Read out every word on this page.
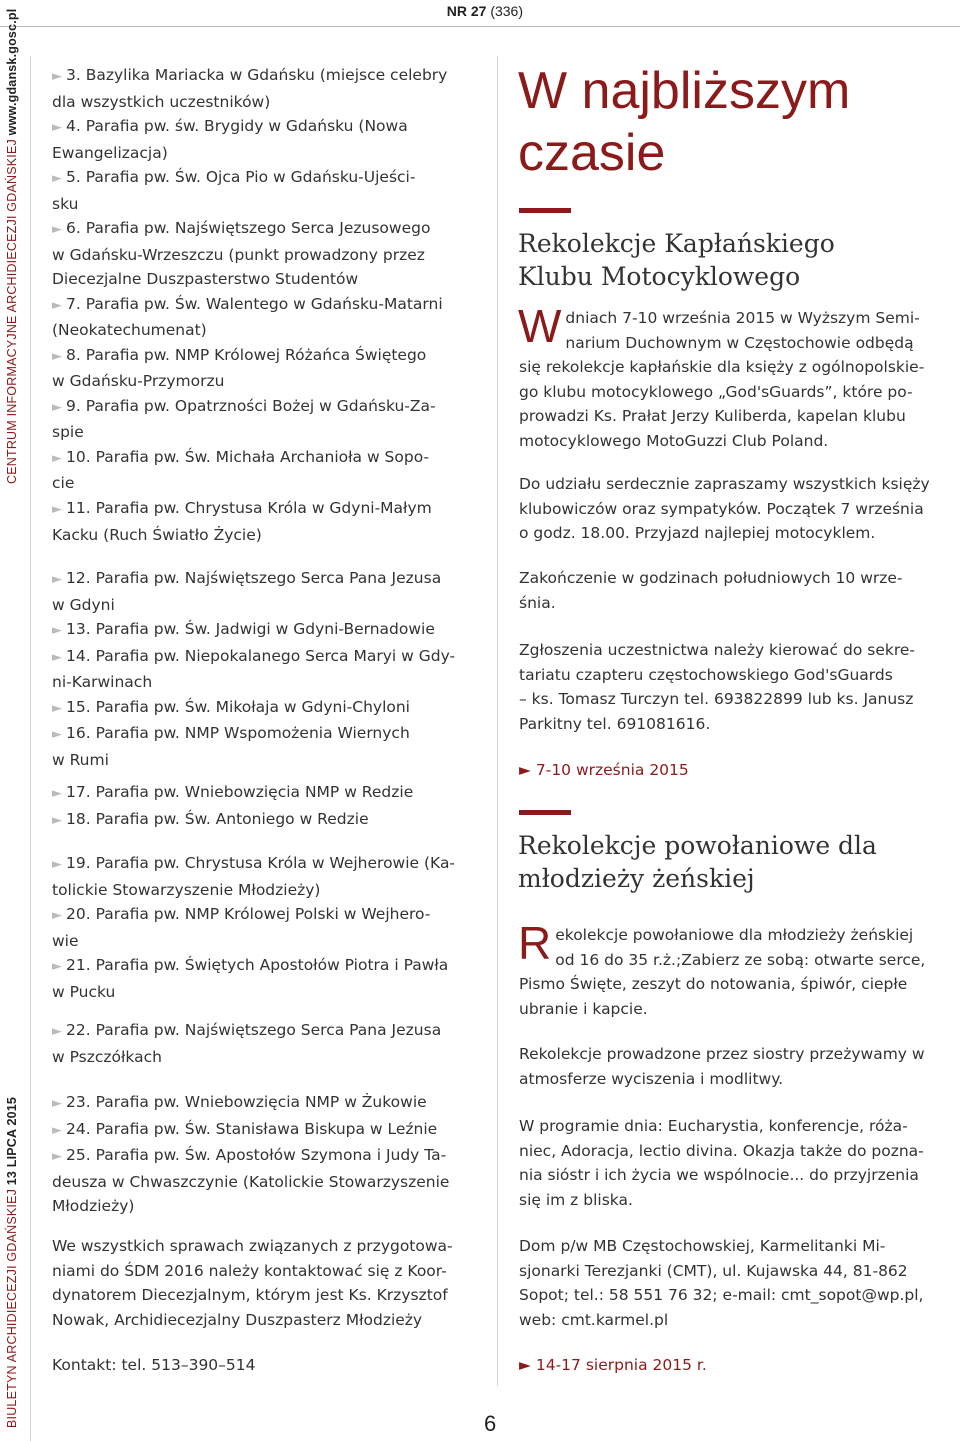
NR 27 (336)
BIULETYN ARCHIDIECEZJI GDAŃSKIEJ 13 LIPCA 2015
CENTRUM INFORMACYJNE ARCHIDIECEZJI GDAŃSKIEJ www.gdansk.gosc.pl	► 3. Bazylika Mariacka w Gdańsku (miejsce celebry

dla wszystkich uczestników)

► 4. Parafia pw. św. Brygidy w Gdańsku (Nowa

Ewangelizacja)

► 5. Parafia pw. Św. Ojca Pio w Gdańsku-Ujeści-

sku

► 6. Parafia pw. Najświętszego Serca Jezusowego

w Gdańsku-Wrzeszczu (punkt prowadzony przez

Diecezjalne Duszpasterstwo Studentów

► 7. Parafia pw. Św. Walentego w Gdańsku-Matarni

(Neokatechumenat)

► 8. Parafia pw. NMP Królowej Różańca Świętego

w Gdańsku-Przymorzu

► 9. Parafia pw. Opatrzności Bożej w Gdańsku-Za-

spie

► 10. Parafia pw. Św. Michała Archanioła w Sopo-

cie

► 11. Parafia pw. Chrystusa Króla w Gdyni-Małym

Kacku (Ruch Światło Życie)

► 12. Parafia pw. Najświętszego Serca Pana Jezusa

w Gdyni

► 13. Parafia pw. Św. Jadwigi w Gdyni-Bernadowie

► 14. Parafia pw. Niepokalanego Serca Maryi w Gdy-

ni-Karwinach

► 15. Parafia pw. Św. Mikołaja w Gdyni-Chyloni

► 16. Parafia pw. NMP Wspomożenia Wiernych

w Rumi

► 17. Parafia pw. Wniebowzięcia NMP w Redzie

► 18. Parafia pw. Św. Antoniego w Redzie

► 19. Parafia pw. Chrystusa Króla w Wejherowie (Ka-

tolickie Stowarzyszenie Młodzieży)

► 20. Parafia pw. NMP Królowej Polski w Wejhero-

wie

► 21. Parafia pw. Świętych Apostołów Piotra i Pawła

w Pucku

► 22. Parafia pw. Najświętszego Serca Pana Jezusa

w Pszczółkach

► 23. Parafia pw. Wniebowzięcia NMP w Żukowie

► 24. Parafia pw. Św. Stanisława Biskupa w Leźnie

► 25. Parafia pw. Św. Apostołów Szymona i Judy Ta-

deusza w Chwaszczynie (Katolickie Stowarzyszenie

Młodzieży)

We wszystkich sprawach związanych z przygotowa-

niami do ŚDM 2016 należy kontaktować się z Koor-

dynatorem Diecezjalnym, którym jest Ks. Krzysztof

Nowak, Archidiecezjalny Duszpasterz Młodzieży

Kontakt: tel. 513–390–514

W najbliższym
czasie
Rekolekcje Kapłańskiego
Klubu Motocyklowego
W dniach 7-10 września 2015 w Wyższym Semi-

narium Duchownym w Częstochowie odbędą

się rekolekcje kapłańskie dla księży z ogólnopolskie-

go klubu motocyklowego „God'sGuards”, które po-

prowadzi Ks. Prałat Jerzy Kuliberda, kapelan klubu

motocyklowego MotoGuzzi Club Poland.

Do udziału serdecznie zapraszamy wszystkich księży

klubowiczów oraz sympatyków. Początek 7 września

o godz. 18.00. Przyjazd najlepiej motocyklem.

Zakończenie w godzinach południowych 10 wrze-

śnia.

Zgłoszenia uczestnictwa należy kierować do sekre-

tariatu czapteru częstochowskiego God'sGuards

– ks. Tomasz Turczyn tel. 693822899 lub ks. Janusz

Parkitny tel. 691081616.

► 7-10 września 2015

Rekolekcje powołaniowe dla
młodzieży żeńskiej
R ekolekcje powołaniowe dla młodzieży żeńskiej

od 16 do 35 r.ż.;Zabierz ze sobą: otwarte serce,

Pismo Święte, zeszyt do notowania, śpiwór, ciepłe

ubranie i kapcie.

Rekolekcje prowadzone przez siostry przeżywamy w

atmosferze wyciszenia i modlitwy.

W programie dnia: Eucharystia, konferencje, róża-

niec, Adoracja, lectio divina. Okazja także do pozna-

nia sióstr i ich życia we wspólnocie... do przyjrzenia

się im z bliska.

Dom p/w MB Częstochowskiej, Karmelitanki Mi-

sjonarki Terezjanki (CMT), ul. Kujawska 44, 81-862

Sopot; tel.: 58 551 76 32; e-mail: cmt_sopot@wp.pl,

web: cmt.karmel.pl

► 14-17 sierpnia 2015 r.

6
